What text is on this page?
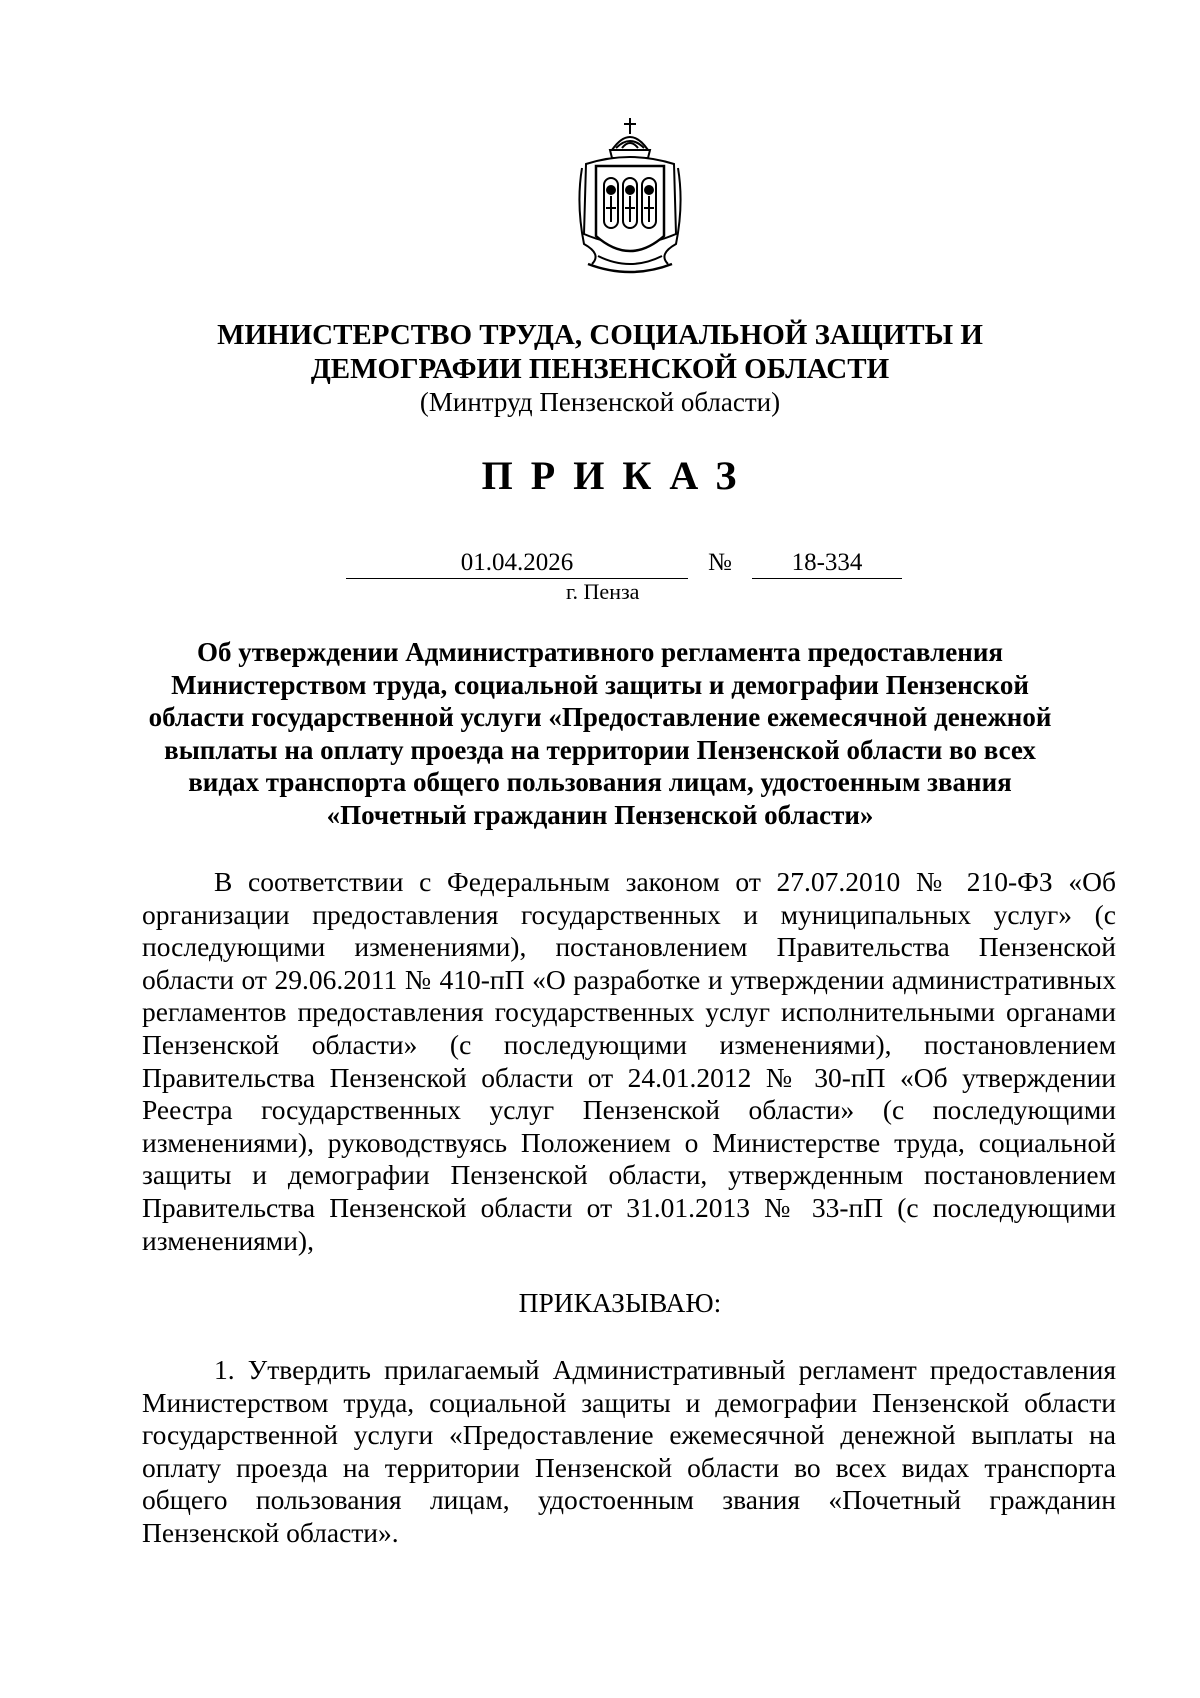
МИНИСТЕРСТВО ТРУДА, СОЦИАЛЬНОЙ ЗАЩИТЫ И

ДЕМОГРАФИИ ПЕНЗЕНСКОЙ ОБЛАСТИ

(Минтруд Пензенской области)

ПРИКАЗ
01.04.2026	№	18-334
г. Пенза
Об утверждении Административного регламента предоставления Министерством труда, социальной защиты и демографии Пензенской области государственной услуги «Предоставление ежемесячной денежной выплаты на оплату проезда на территории Пензенской области во всех видах транспорта общего пользования лицам, удостоенным звания «Почетный гражданин Пензенской области»

В соответствии с Федеральным законом от 27.07.2010 № 210-ФЗ «Об организации предоставления государственных и муниципальных услуг» (с последующими изменениями), постановлением Правительства Пензенской области от 29.06.2011 № 410-пП «О разработке и утверждении административных регламентов предоставления государственных услуг исполнительными органами Пензенской области» (с последующими изменениями), постановлением Правительства Пензенской области от 24.01.2012 № 30-пП «Об утверждении Реестра государственных услуг Пензенской области» (с последующими изменениями), руководствуясь Положением о Министерстве труда, социальной защиты и демографии Пензенской области, утвержденным постановлением Правительства Пензенской области от 31.01.2013 № 33-пП (с последующими изменениями),

ПРИКАЗЫВАЮ:

1. Утвердить прилагаемый Административный регламент предоставления Министерством труда, социальной защиты и демографии Пензенской области государственной услуги «Предоставление ежемесячной денежной выплаты на оплату проезда на территории Пензенской области во всех видах транспорта общего пользования лицам, удостоенным звания «Почетный гражданин Пензенской области».
